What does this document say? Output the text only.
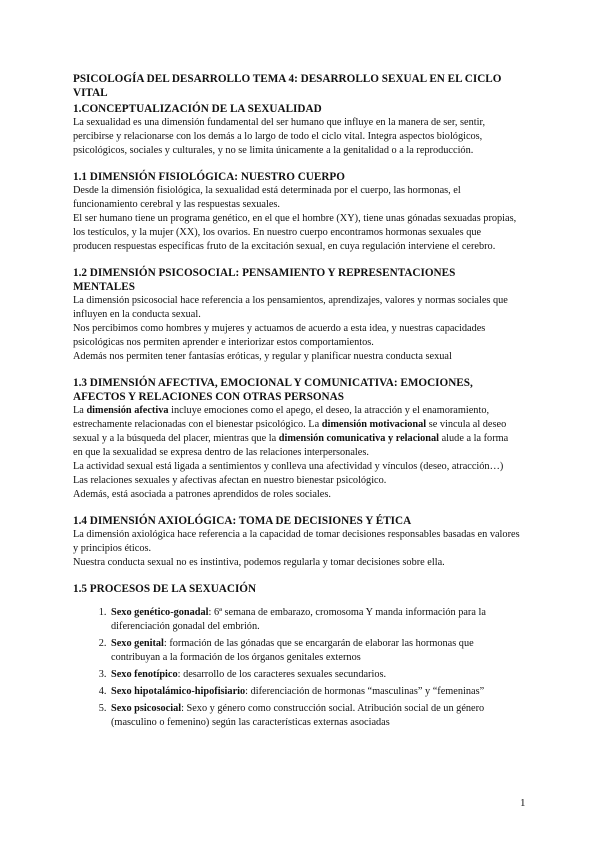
PSICOLOGÍA DEL DESARROLLO TEMA 4: DESARROLLO SEXUAL EN EL CICLO VITAL
1.CONCEPTUALIZACIÓN DE LA SEXUALIDAD

La sexualidad es una dimensión fundamental del ser humano que influye en la manera de ser, sentir, percibirse y relacionarse con los demás a lo largo de todo el ciclo vital. Integra aspectos biológicos, psicológicos, sociales y culturales, y no se limita únicamente a la genitalidad o a la reproducción.

1.1 DIMENSIÓN FISIOLÓGICA: NUESTRO CUERPO

Desde la dimensión fisiológica, la sexualidad está determinada por el cuerpo, las hormonas, el funcionamiento cerebral y las respuestas sexuales.

El ser humano tiene un programa genético, en el que el hombre (XY), tiene unas gónadas sexuadas propias, los testículos, y la mujer (XX), los ovarios. En nuestro cuerpo encontramos hormonas sexuales que producen respuestas específicas fruto de la excitación sexual, en cuya regulación interviene el cerebro.

1.2 DIMENSIÓN PSICOSOCIAL: PENSAMIENTO Y REPRESENTACIONES MENTALES

La dimensión psicosocial hace referencia a los pensamientos, aprendizajes, valores y normas sociales que influyen en la conducta sexual.

Nos percibimos como hombres y mujeres y actuamos de acuerdo a esta idea, y nuestras capacidades psicológicas nos permiten aprender e interiorizar estos comportamientos.

Además nos permiten tener fantasías eróticas, y regular y planificar nuestra conducta sexual

1.3 DIMENSIÓN AFECTIVA, EMOCIONAL Y COMUNICATIVA: EMOCIONES, AFECTOS Y RELACIONES CON OTRAS PERSONAS

La dimensión afectiva incluye emociones como el apego, el deseo, la atracción y el enamoramiento, estrechamente relacionadas con el bienestar psicológico. La dimensión motivacional se vincula al deseo sexual y a la búsqueda del placer, mientras que la dimensión comunicativa y relacional alude a la forma en que la sexualidad se expresa dentro de las relaciones interpersonales.

La actividad sexual está ligada a sentimientos y conlleva una afectividad y vínculos (deseo, atracción…) Las relaciones sexuales y afectivas afectan en nuestro bienestar psicológico.

Además, está asociada a patrones aprendidos de roles sociales.

1.4 DIMENSIÓN AXIOLÓGICA: TOMA DE DECISIONES Y ÉTICA

La dimensión axiológica hace referencia a la capacidad de tomar decisiones responsables basadas en valores y principios éticos.

Nuestra conducta sexual no es instintiva, podemos regularla y tomar decisiones sobre ella.

1.5 PROCESOS DE LA SEXUACIÓN
1. Sexo genético-gonadal: 6ª semana de embarazo, cromosoma Y manda información para la diferenciación gonadal del embrión.
2. Sexo genital: formación de las gónadas que se encargarán de elaborar las hormonas que contribuyan a la formación de los órganos genitales externos
3. Sexo fenotípico: desarrollo de los caracteres sexuales secundarios.
4. Sexo hipotalámico-hipofisiario: diferenciación de hormonas “masculinas” y “femeninas”
5. Sexo psicosocial: Sexo y género como construcción social. Atribución social de un género (masculino o femenino) según las características externas asociadas
1
